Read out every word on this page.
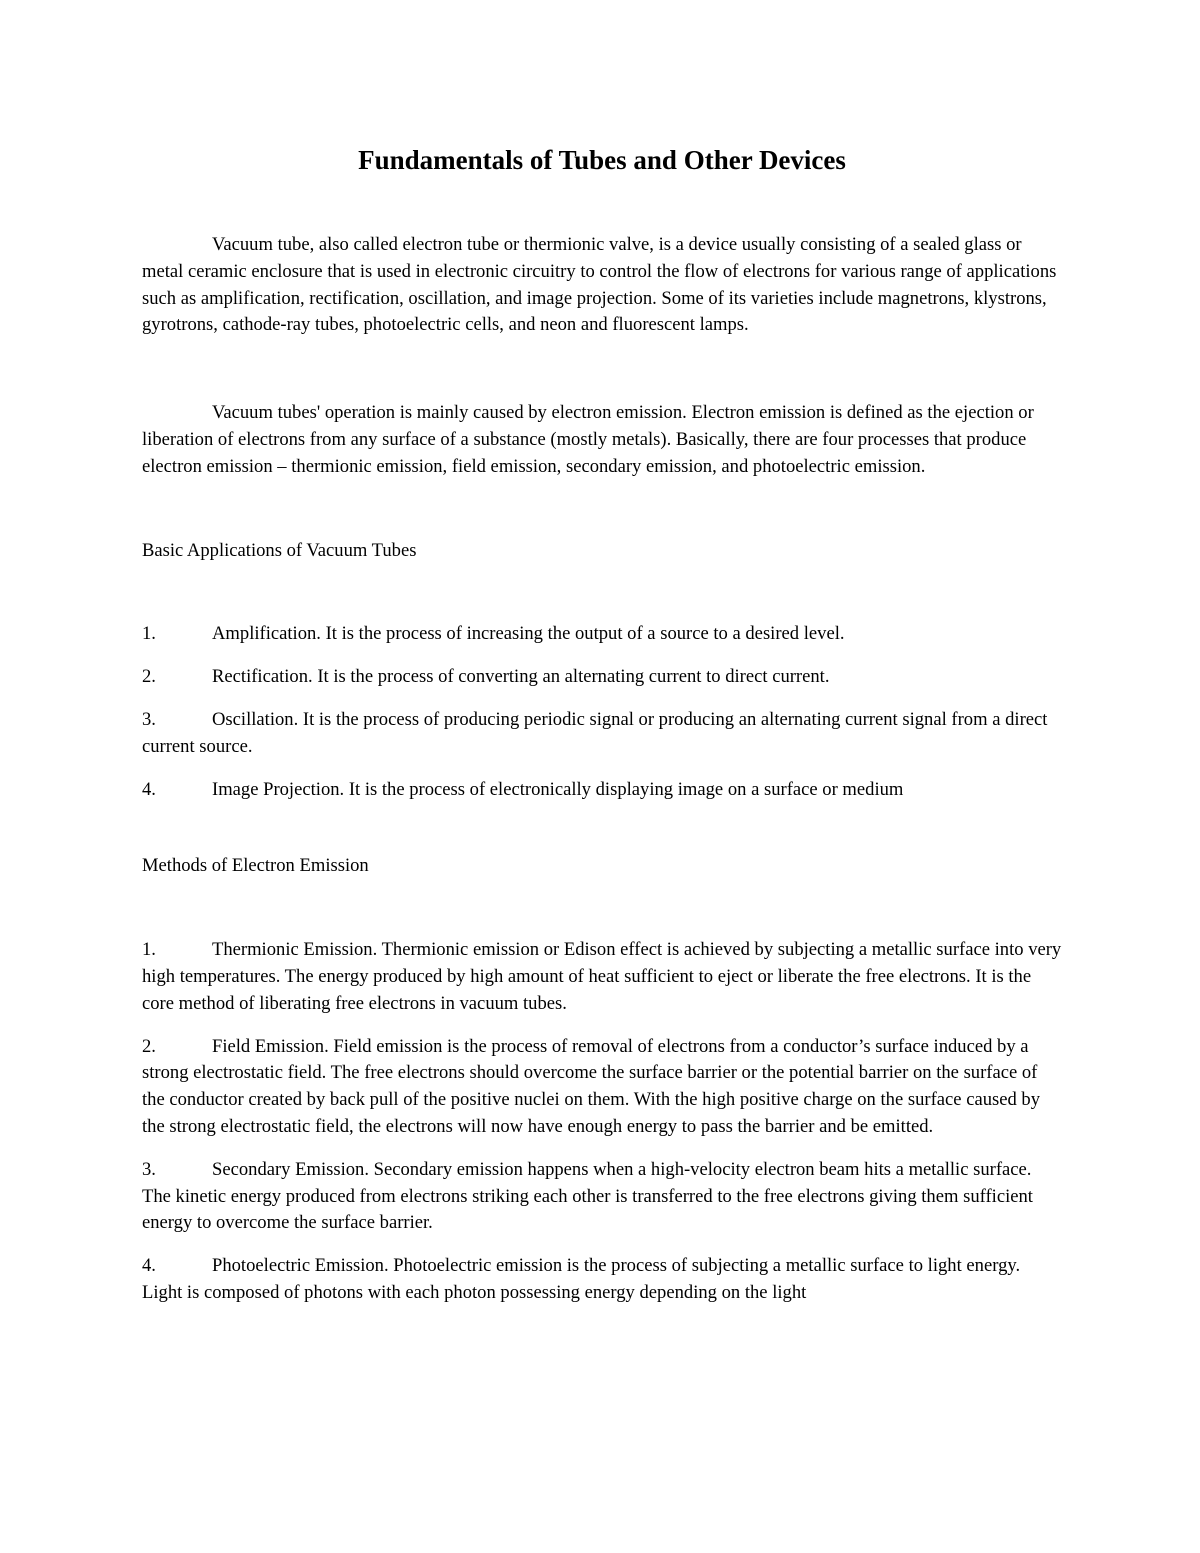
Fundamentals of Tubes and Other Devices

Vacuum tube, also called electron tube or thermionic valve, is a device usually consisting of a sealed glass or metal ceramic enclosure that is used in electronic circuitry to control the flow of electrons for various range of applications such as amplification, rectification, oscillation, and image projection. Some of its varieties include magnetrons, klystrons, gyrotrons, cathode-ray tubes, photoelectric cells, and neon and fluorescent lamps.

Vacuum tubes' operation is mainly caused by electron emission. Electron emission is defined as the ejection or liberation of electrons from any surface of a substance (mostly metals). Basically, there are four processes that produce electron emission – thermionic emission, field emission, secondary emission, and photoelectric emission.

Basic Applications of Vacuum Tubes

1.	Amplification. It is the process of increasing the output of a source to a desired level.

2.	Rectification. It is the process of converting an alternating current to direct current.

3.	Oscillation. It is the process of producing periodic signal or producing an alternating current signal from a direct current source.

4.	Image Projection. It is the process of electronically displaying image on a surface or medium

Methods of Electron Emission

1.	Thermionic Emission. Thermionic emission or Edison effect is achieved by subjecting a metallic surface into very high temperatures. The energy produced by high amount of heat sufficient to eject or liberate the free electrons. It is the core method of liberating free electrons in vacuum tubes.

2.	Field Emission. Field emission is the process of removal of electrons from a conductor’s surface induced by a strong electrostatic field. The free electrons should overcome the surface barrier or the potential barrier on the surface of the conductor created by back pull of the positive nuclei on them. With the high positive charge on the surface caused by the strong electrostatic field, the electrons will now have enough energy to pass the barrier and be emitted.

3.	Secondary Emission. Secondary emission happens when a high-velocity electron beam hits a metallic surface. The kinetic energy produced from electrons striking each other is transferred to the free electrons giving them sufficient energy to overcome the surface barrier.

4.	Photoelectric Emission. Photoelectric emission is the process of subjecting a metallic surface to light energy. Light is composed of photons with each photon possessing energy depending on the light
